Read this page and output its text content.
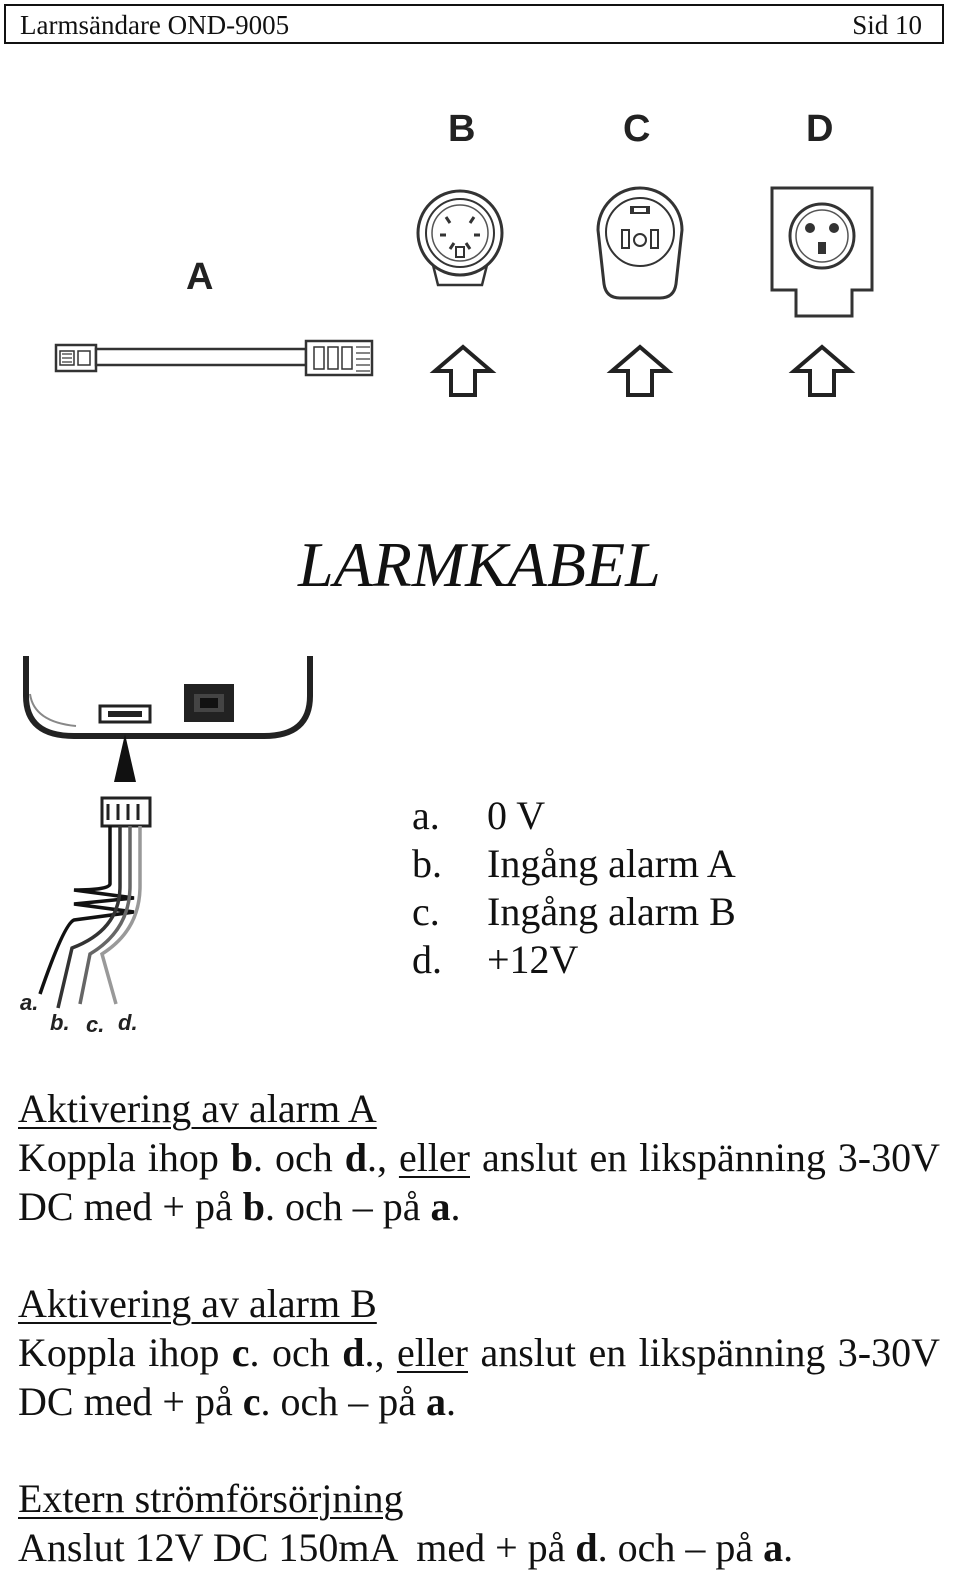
Larmsändare OND-9005	Sid 10
A
B	C	D
LARMKABEL
a.
b. c. d.
a.	0 V
b.	Ingång alarm A
c.	Ingång alarm B
d.	+12V
Aktivering av alarm A
Koppla ihop b. och d., eller anslut en likspänning 3-30V DC med + på b. och – på a.
Aktivering av alarm B
Koppla ihop c. och d., eller anslut en likspänning 3-30V DC med + på c. och – på a.
Extern strömförsörjning
Anslut 12V DC 150mA  med + på d. och – på a.
